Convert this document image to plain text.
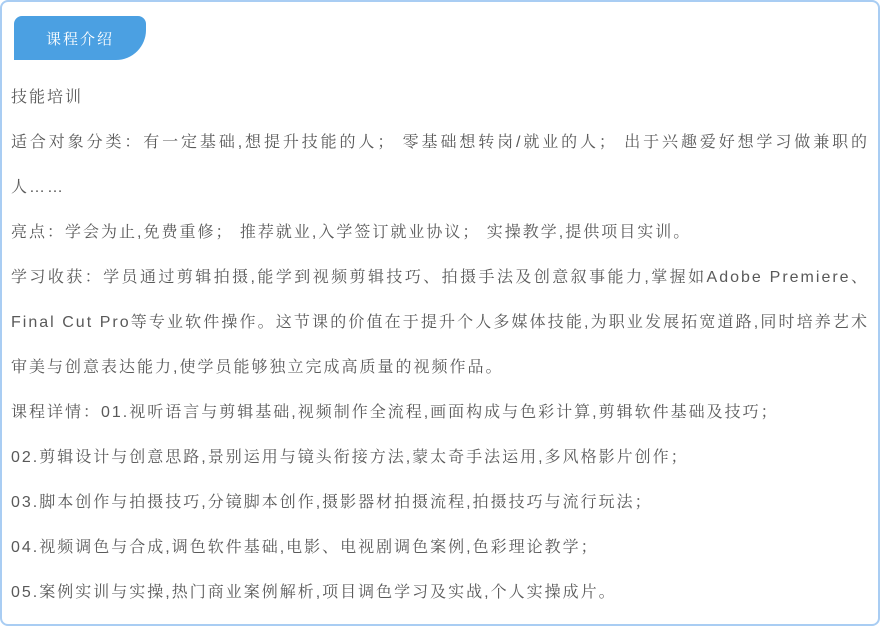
课程介绍

技能培训

适合对象分类：有一定基础,想提升技能的人； 零基础想转岗/就业的人； 出于兴趣爱好想学习做兼职的人……

亮点：学会为止,免费重修； 推荐就业,入学签订就业协议； 实操教学,提供项目实训。

学习收获：学员通过剪辑拍摄,能学到视频剪辑技巧、拍摄手法及创意叙事能力,掌握如Adobe Premiere、Final Cut Pro等专业软件操作。这节课的价值在于提升个人多媒体技能,为职业发展拓宽道路,同时培养艺术审美与创意表达能力,使学员能够独立完成高质量的视频作品。

课程详情：01.视听语言与剪辑基础,视频制作全流程,画面构成与色彩计算,剪辑软件基础及技巧；

02.剪辑设计与创意思路,景别运用与镜头衔接方法,蒙太奇手法运用,多风格影片创作；

03.脚本创作与拍摄技巧,分镜脚本创作,摄影器材拍摄流程,拍摄技巧与流行玩法；

04.视频调色与合成,调色软件基础,电影、电视剧调色案例,色彩理论教学；

05.案例实训与实操,热门商业案例解析,项目调色学习及实战,个人实操成片。
